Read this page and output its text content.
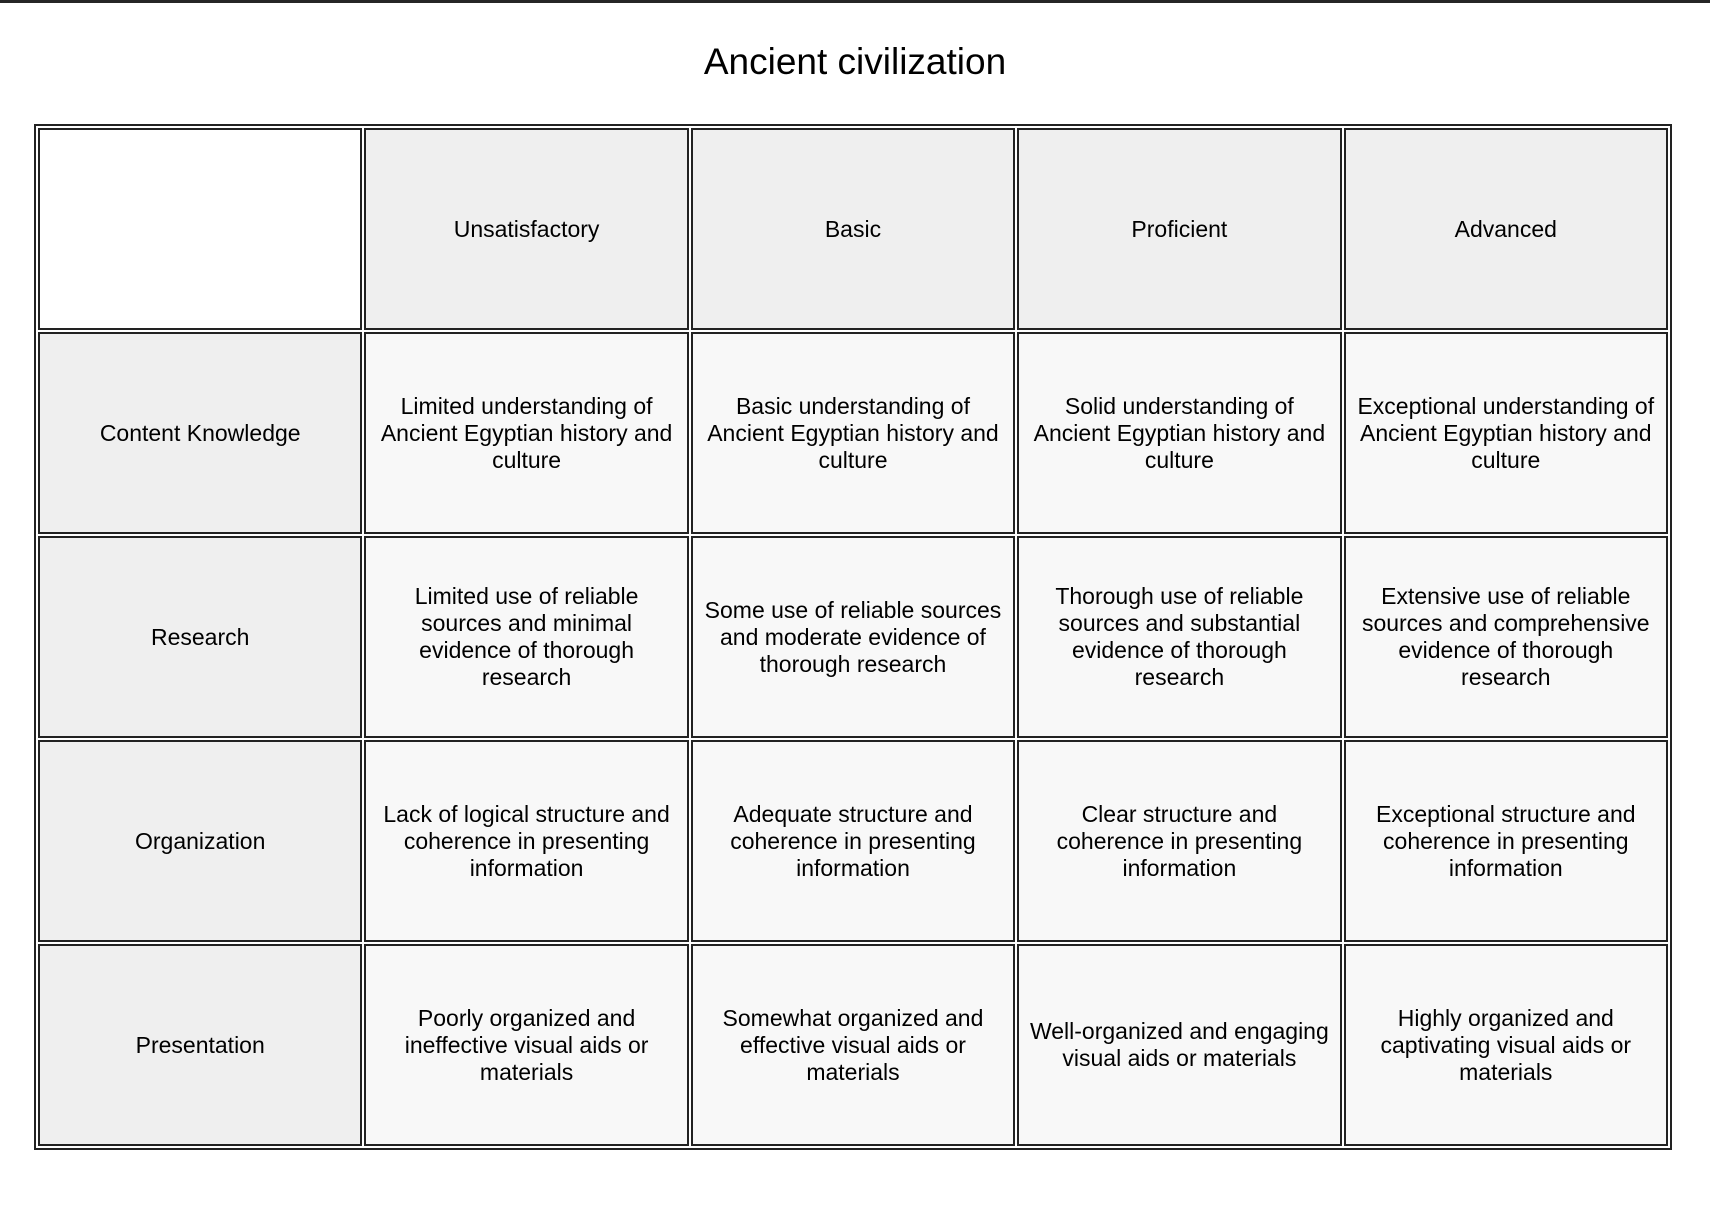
Ancient civilization
	Unsatisfactory	Basic	Proficient	Advanced
Content Knowledge	Limited understanding of Ancient Egyptian history and culture	Basic understanding of Ancient Egyptian history and culture	Solid understanding of Ancient Egyptian history and culture	Exceptional understanding of Ancient Egyptian history and culture
Research	Limited use of reliable sources and minimal evidence of thorough research	Some use of reliable sources and moderate evidence of thorough research	Thorough use of reliable sources and substantial evidence of thorough research	Extensive use of reliable sources and comprehensive evidence of thorough research
Organization	Lack of logical structure and coherence in presenting information	Adequate structure and coherence in presenting information	Clear structure and coherence in presenting information	Exceptional structure and coherence in presenting information
Presentation	Poorly organized and ineffective visual aids or materials	Somewhat organized and effective visual aids or materials	Well-organized and engaging visual aids or materials	Highly organized and captivating visual aids or materials
